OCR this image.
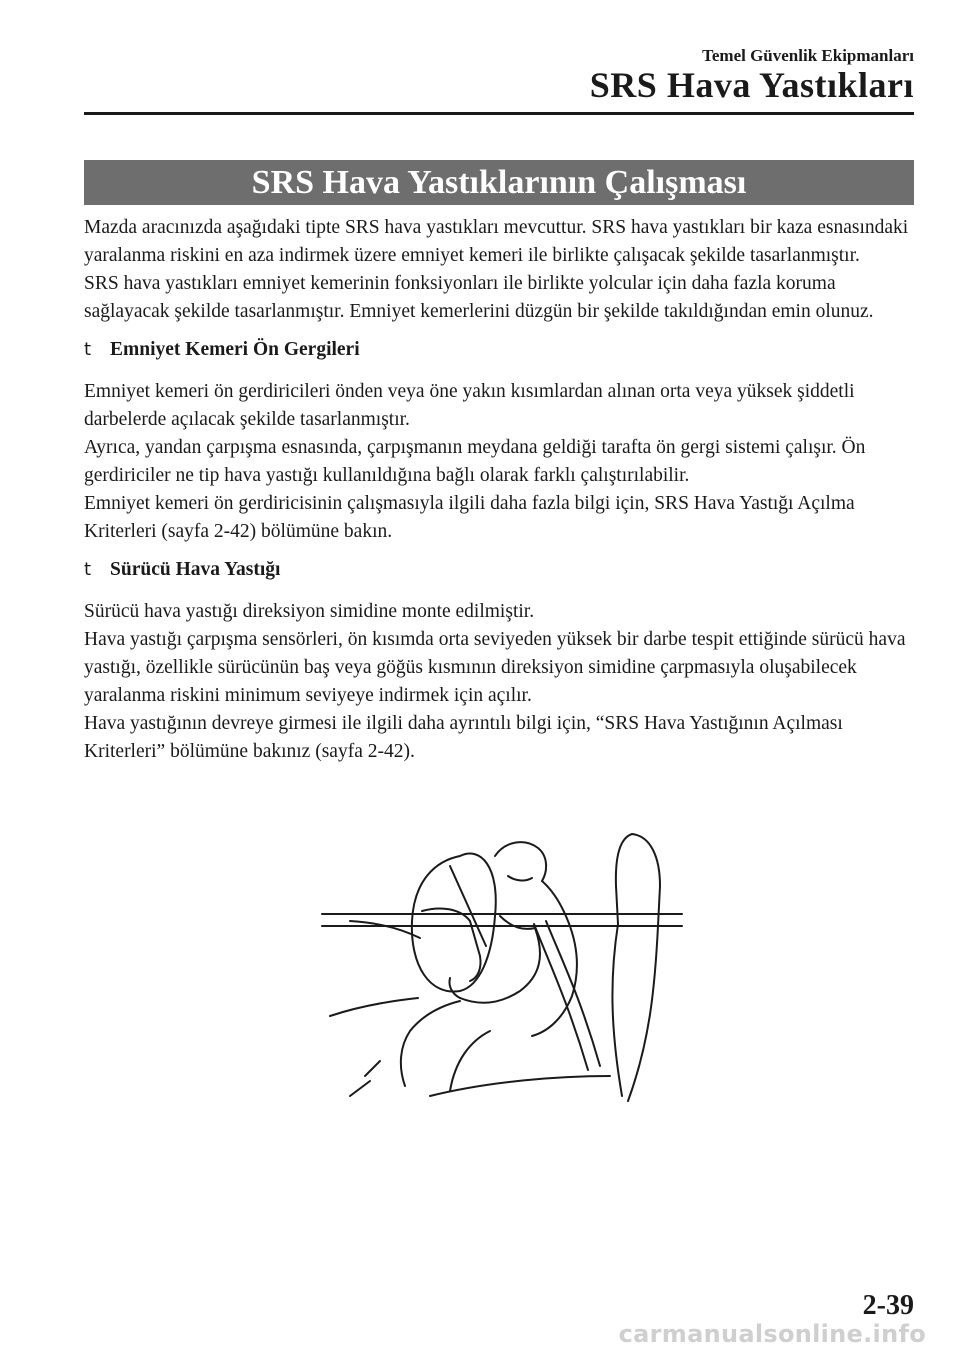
Temel Güvenlik Ekipmanları
SRS Hava Yastıkları
SRS Hava Yastıklarının Çalışması

Mazda aracınızda aşağıdaki tipte SRS hava yastıkları mevcuttur. SRS hava yastıkları bir kaza esnasındaki yaralanma riskini en aza indirmek üzere emniyet kemeri ile birlikte çalışacak şekilde tasarlanmıştır.

SRS hava yastıkları emniyet kemerinin fonksiyonları ile birlikte yolcular için daha fazla koruma sağlayacak şekilde tasarlanmıştır. Emniyet kemerlerini düzgün bir şekilde takıldığından emin olunuz.

t Emniyet Kemeri Ön Gergileri

Emniyet kemeri ön gerdiricileri önden veya öne yakın kısımlardan alınan orta veya yüksek şiddetli darbelerde açılacak şekilde tasarlanmıştır.

Ayrıca, yandan çarpışma esnasında, çarpışmanın meydana geldiği tarafta ön gergi sistemi çalışır. Ön gerdiriciler ne tip hava yastığı kullanıldığına bağlı olarak farklı çalıştırılabilir.

Emniyet kemeri ön gerdiricisinin çalışmasıyla ilgili daha fazla bilgi için, SRS Hava Yastığı Açılma Kriterleri (sayfa 2-42) bölümüne bakın.

t Sürücü Hava Yastığı

Sürücü hava yastığı direksiyon simidine monte edilmiştir.

Hava yastığı çarpışma sensörleri, ön kısımda orta seviyeden yüksek bir darbe tespit ettiğinde sürücü hava yastığı, özellikle sürücünün baş veya göğüs kısmının direksiyon simidine çarpmasıyla oluşabilecek yaralanma riskini minimum seviyeye indirmek için açılır.

Hava yastığının devreye girmesi ile ilgili daha ayrıntılı bilgi için, “SRS Hava Yastığının Açılması Kriterleri” bölümüne bakınız (sayfa 2-42).

2-39
carmanualsonline.info
